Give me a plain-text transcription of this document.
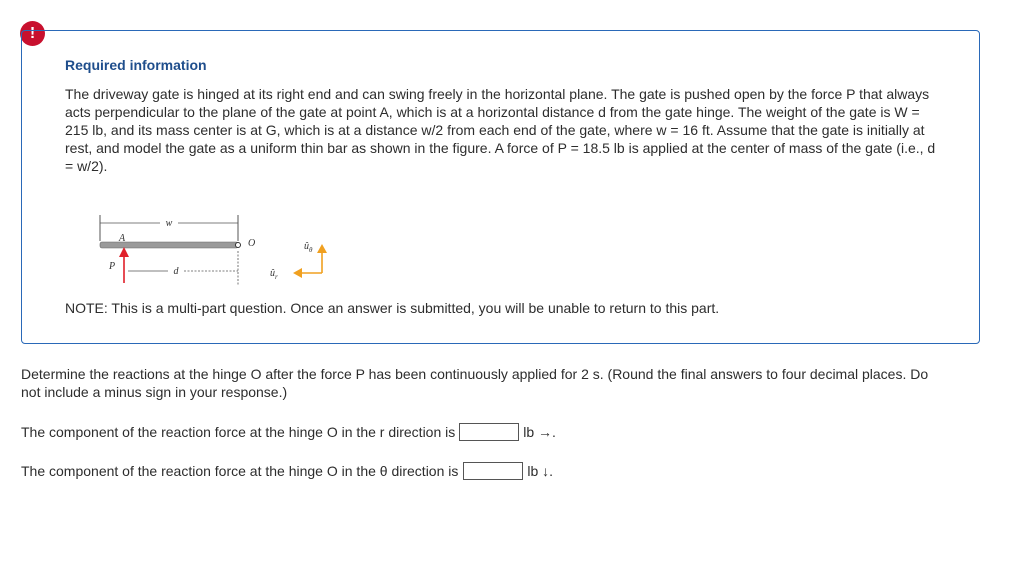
!
Required information

The driveway gate is hinged at its right end and can swing freely in the horizontal plane. The gate is pushed open by the force P that always acts perpendicular to the plane of the gate at point A, which is at a horizontal distance d from the gate hinge. The weight of the gate is W = 215 lb, and its mass center is at G, which is at a distance w/2 from each end of the gate, where w = 16 ft. Assume that the gate is initially at rest, and model the gate as a uniform thin bar as shown in the figure. A force of P = 18.5 lb is applied at the center of mass of the gate (i.e., d = w/2).

w
O
A
P	d
$û_\theta$
$û_r$

NOTE: This is a multi-part question. Once an answer is submitted, you will be unable to return to this part.

Determine the reactions at the hinge O after the force P has been continuously applied for 2 s. (Round the final answers to four decimal places. Do not include a minus sign in your response.)

The component of the reaction force at the hinge O in the r direction is	lb →.
The component of the reaction force at the hinge O in the θ direction is	lb ↓.
